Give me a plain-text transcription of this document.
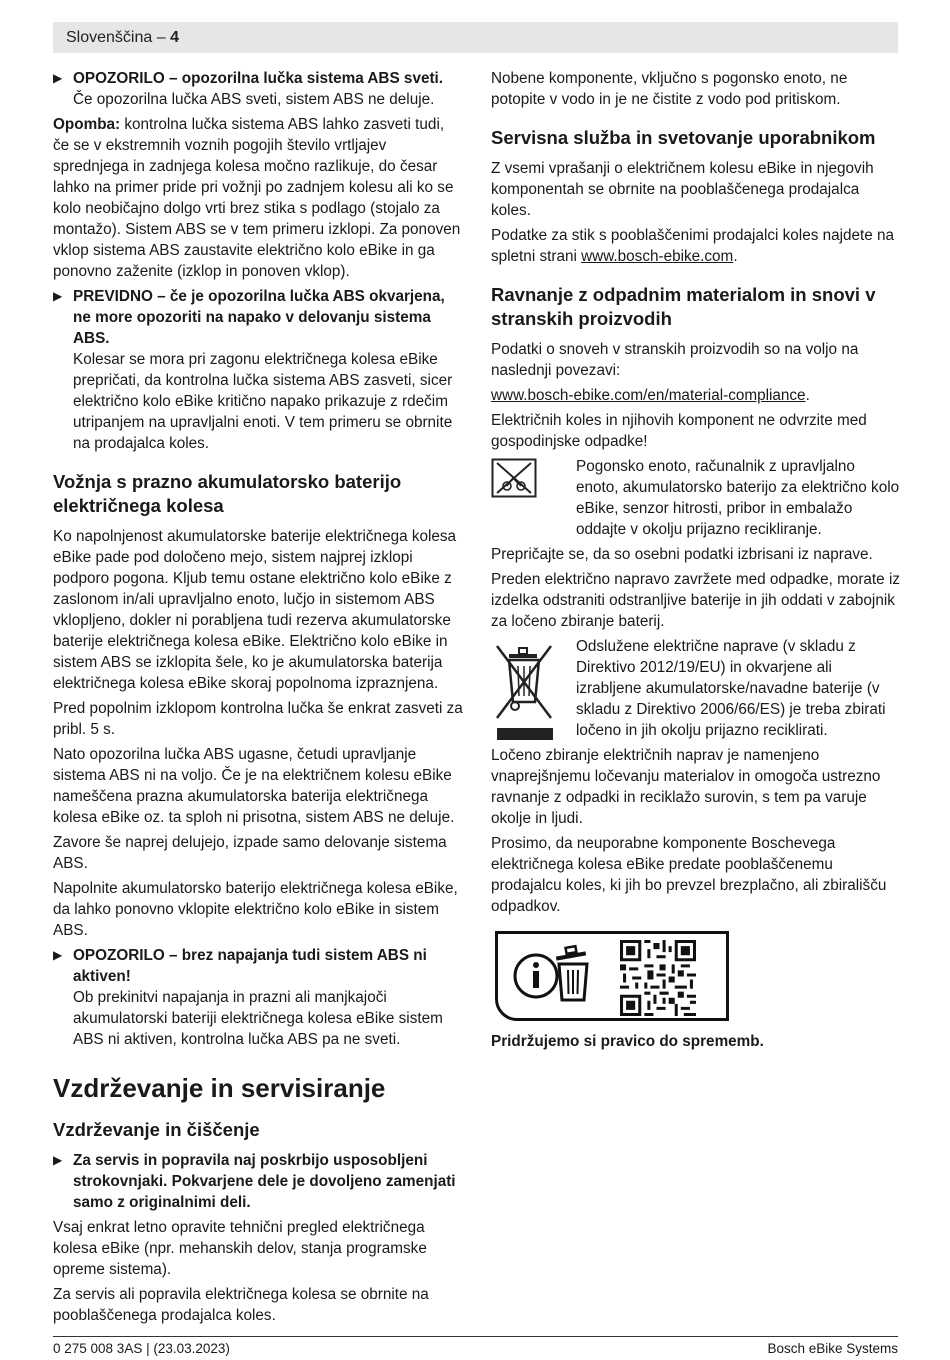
Slovenščina – 4
▶ OPOZORILO – opozorilna lučka sistema ABS sveti.
Če opozorilna lučka ABS sveti, sistem ABS ne deluje.

Opomba: kontrolna lučka sistema ABS lahko zasveti tudi, če se v ekstremnih voznih pogojih število vrtljajev sprednjega in zadnjega kolesa močno razlikuje, do česar lahko na primer pride pri vožnji po zadnjem kolesu ali ko se kolo neobičajno dolgo vrti brez stika s podlago (stojalo za montažo). Sistem ABS se v tem primeru izklopi. Za ponoven vklop sistema ABS zaustavite električno kolo eBike in ga ponovno zaženite (izklop in ponoven vklop).

▶ PREVIDNO – če je opozorilna lučka ABS okvarjena, ne more opozoriti na napako v delovanju sistema ABS.
Kolesar se mora pri zagonu električnega kolesa eBike prepričati, da kontrolna lučka sistema ABS zasveti, sicer električno kolo eBike kritično napako prikazuje z rdečim utripanjem na upravljalni enoti. V tem primeru se obrnite na prodajalca koles.
Vožnja s prazno akumulatorsko baterijo električnega kolesa

Ko napolnjenost akumulatorske baterije električnega kolesa eBike pade pod določeno mejo, sistem najprej izklopi podporo pogona. Kljub temu ostane električno kolo eBike z zaslonom in/ali upravljalno enoto, lučjo in sistemom ABS vklopljeno, dokler ni porabljena tudi rezerva akumulatorske baterije električnega kolesa eBike. Električno kolo eBike in sistem ABS se izklopita šele, ko je akumulatorska baterija električnega kolesa eBike skoraj popolnoma izpraznjena.

Pred popolnim izklopom kontrolna lučka še enkrat zasveti za pribl. 5 s.

Nato opozorilna lučka ABS ugasne, četudi upravljanje sistema ABS ni na voljo. Če je na električnem kolesu eBike nameščena prazna akumulatorska baterija električnega kolesa eBike oz. ta sploh ni prisotna, sistem ABS ne deluje.

Zavore še naprej delujejo, izpade samo delovanje sistema ABS.

Napolnite akumulatorsko baterijo električnega kolesa eBike, da lahko ponovno vklopite električno kolo eBike in sistem ABS.

▶ OPOZORILO – brez napajanja tudi sistem ABS ni aktiven!
Ob prekinitvi napajanja in prazni ali manjkajoči akumulatorski bateriji električnega kolesa eBike sistem ABS ni aktiven, kontrolna lučka ABS pa ne sveti.
Vzdrževanje in servisiranje
Vzdrževanje in čiščenje
▶ Za servis in popravila naj poskrbijo usposobljeni strokovnjaki. Pokvarjene dele je dovoljeno zamenjati samo z originalnimi deli.

Vsaj enkrat letno opravite tehnični pregled električnega kolesa eBike (npr. mehanskih delov, stanja programske opreme sistema).

Za servis ali popravila električnega kolesa se obrnite na pooblaščenega prodajalca koles.

Nobene komponente, vključno s pogonsko enoto, ne potopite v vodo in je ne čistite z vodo pod pritiskom.

Servisna služba in svetovanje uporabnikom

Z vsemi vprašanji o električnem kolesu eBike in njegovih komponentah se obrnite na pooblaščenega prodajalca koles.

Podatke za stik s pooblaščenimi prodajalci koles najdete na spletni strani www.bosch-ebike.com.

Ravnanje z odpadnim materialom in snovi v stranskih proizvodih

Podatki o snoveh v stranskih proizvodih so na voljo na naslednji povezavi:

www.bosch-ebike.com/en/material-compliance.

Električnih koles in njihovih komponent ne odvrzite med gospodinjske odpadke!

Pogonsko enoto, računalnik z upravljalno enoto, akumulatorsko baterijo za električno kolo eBike, senzor hitrosti, pribor in embalažo oddajte v okolju prijazno recikliranje.

Prepričajte se, da so osebni podatki izbrisani iz naprave.

Preden električno napravo zavržete med odpadke, morate iz izdelka odstraniti odstranljive baterije in jih oddati v zabojnik za ločeno zbiranje baterij.

Odslužene električne naprave (v skladu z Direktivo 2012/19/EU) in okvarjene ali izrabljene akumulatorske/navadne baterije (v skladu z Direktivo 2006/66/ES) je treba zbirati ločeno in jih okolju prijazno reciklirati.

Ločeno zbiranje električnih naprav je namenjeno vnaprejšnjemu ločevanju materialov in omogoča ustrezno ravnanje z odpadki in reciklažo surovin, s tem pa varuje okolje in ljudi.

Prosimo, da neuporabne komponente Boschevega električnega kolesa eBike predate pooblaščenemu prodajalcu koles, ki jih bo prevzel brezplačno, ali zbirališču odpadkov.

Pridržujemo si pravico do sprememb.

0 275 008 3AS | (23.03.2023)	Bosch eBike Systems
